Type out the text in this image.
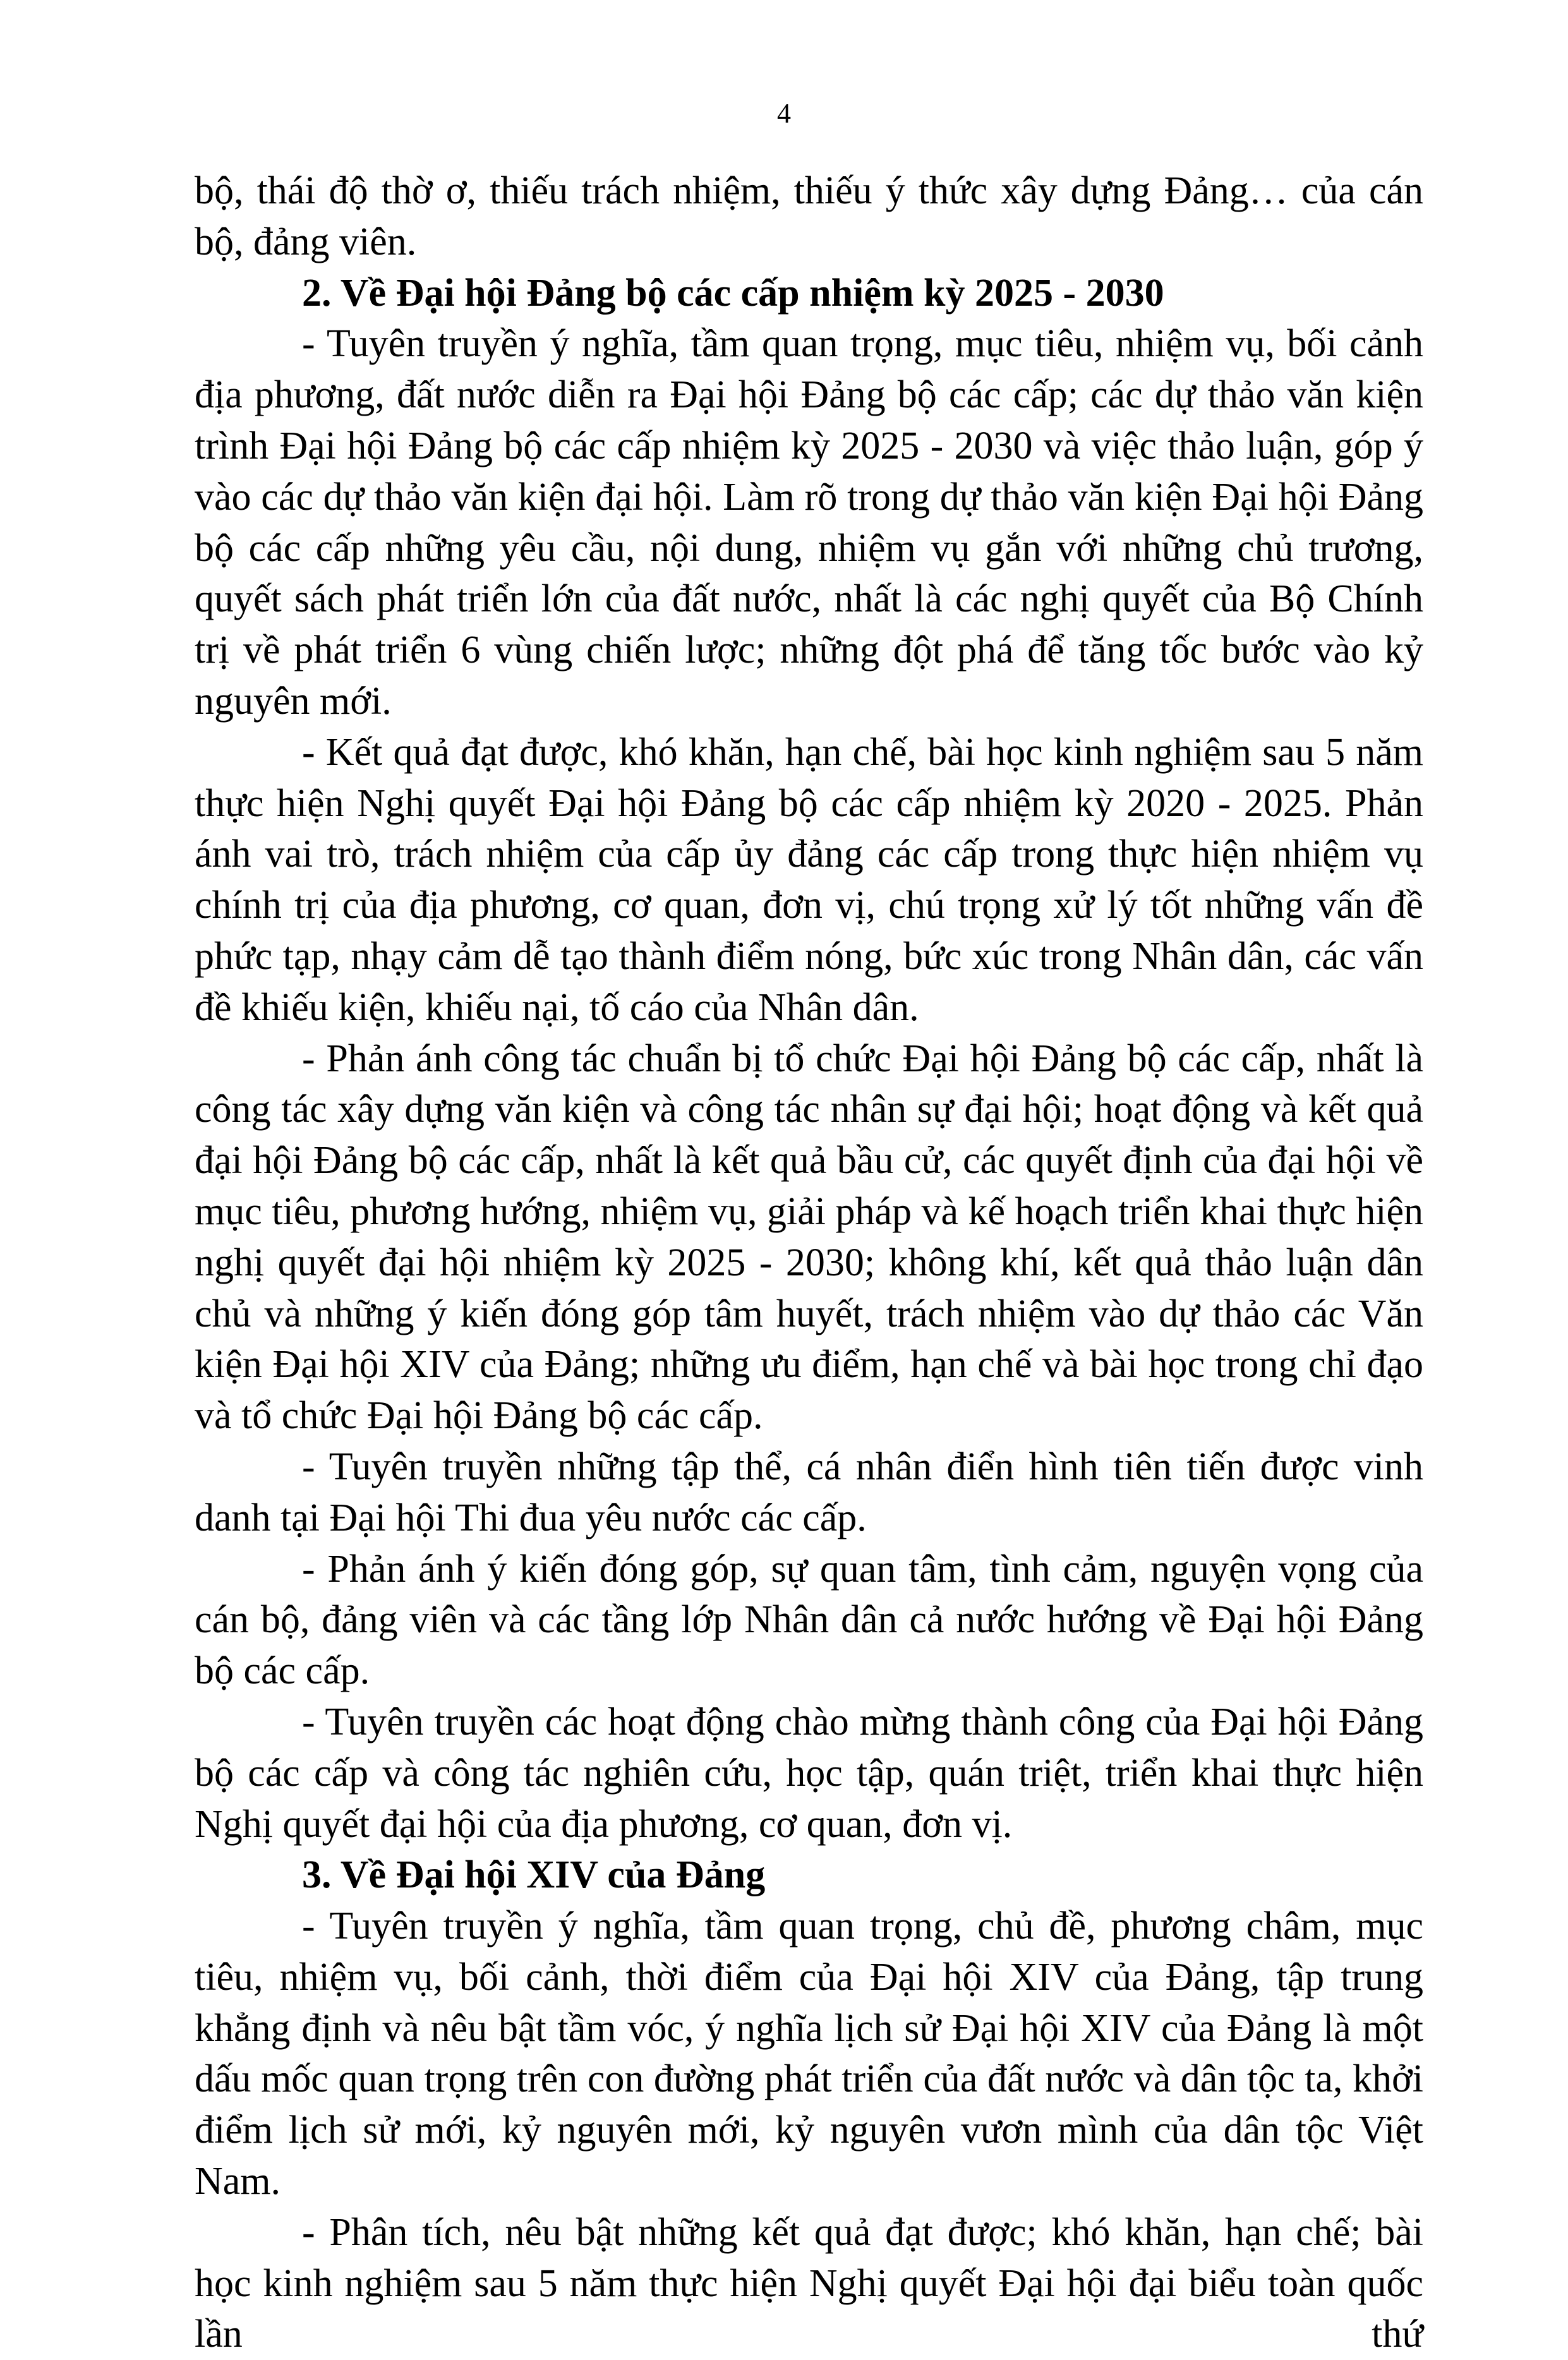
4

bộ, thái độ thờ ơ, thiếu trách nhiệm, thiếu ý thức xây dựng Đảng… của cán bộ, đảng viên.

2. Về Đại hội Đảng bộ các cấp nhiệm kỳ 2025 - 2030

- Tuyên truyền ý nghĩa, tầm quan trọng, mục tiêu, nhiệm vụ, bối cảnh địa phương, đất nước diễn ra Đại hội Đảng bộ các cấp; các dự thảo văn kiện trình Đại hội Đảng bộ các cấp nhiệm kỳ 2025 - 2030 và việc thảo luận, góp ý vào các dự thảo văn kiện đại hội. Làm rõ trong dự thảo văn kiện Đại hội Đảng bộ các cấp những yêu cầu, nội dung, nhiệm vụ gắn với những chủ trương, quyết sách phát triển lớn của đất nước, nhất là các nghị quyết của Bộ Chính trị về phát triển 6 vùng chiến lược; những đột phá để tăng tốc bước vào kỷ nguyên mới.

- Kết quả đạt được, khó khăn, hạn chế, bài học kinh nghiệm sau 5 năm thực hiện Nghị quyết Đại hội Đảng bộ các cấp nhiệm kỳ 2020 - 2025. Phản ánh vai trò, trách nhiệm của cấp ủy đảng các cấp trong thực hiện nhiệm vụ chính trị của địa phương, cơ quan, đơn vị, chú trọng xử lý tốt những vấn đề phức tạp, nhạy cảm dễ tạo thành điểm nóng, bức xúc trong Nhân dân, các vấn đề khiếu kiện, khiếu nại, tố cáo của Nhân dân.

- Phản ánh công tác chuẩn bị tổ chức Đại hội Đảng bộ các cấp, nhất là công tác xây dựng văn kiện và công tác nhân sự đại hội; hoạt động và kết quả đại hội Đảng bộ các cấp, nhất là kết quả bầu cử, các quyết định của đại hội về mục tiêu, phương hướng, nhiệm vụ, giải pháp và kế hoạch triển khai thực hiện nghị quyết đại hội nhiệm kỳ 2025 - 2030; không khí, kết quả thảo luận dân chủ và những ý kiến đóng góp tâm huyết, trách nhiệm vào dự thảo các Văn kiện Đại hội XIV của Đảng; những ưu điểm, hạn chế và bài học trong chỉ đạo và tổ chức Đại hội Đảng bộ các cấp.

- Tuyên truyền những tập thể, cá nhân điển hình tiên tiến được vinh danh tại Đại hội Thi đua yêu nước các cấp.

- Phản ánh ý kiến đóng góp, sự quan tâm, tình cảm, nguyện vọng của cán bộ, đảng viên và các tầng lớp Nhân dân cả nước hướng về Đại hội Đảng bộ các cấp.

- Tuyên truyền các hoạt động chào mừng thành công của Đại hội Đảng bộ các cấp và công tác nghiên cứu, học tập, quán triệt, triển khai thực hiện Nghị quyết đại hội của địa phương, cơ quan, đơn vị.

3. Về Đại hội XIV của Đảng

- Tuyên truyền ý nghĩa, tầm quan trọng, chủ đề, phương châm, mục tiêu, nhiệm vụ, bối cảnh, thời điểm của Đại hội XIV của Đảng, tập trung khẳng định và nêu bật tầm vóc, ý nghĩa lịch sử Đại hội XIV của Đảng là một dấu mốc quan trọng trên con đường phát triển của đất nước và dân tộc ta, khởi điểm lịch sử mới, kỷ nguyên mới, kỷ nguyên vươn mình của dân tộc Việt Nam.

- Phân tích, nêu bật những kết quả đạt được; khó khăn, hạn chế; bài học kinh nghiệm sau 5 năm thực hiện Nghị quyết Đại hội đại biểu toàn quốc lần thứ
